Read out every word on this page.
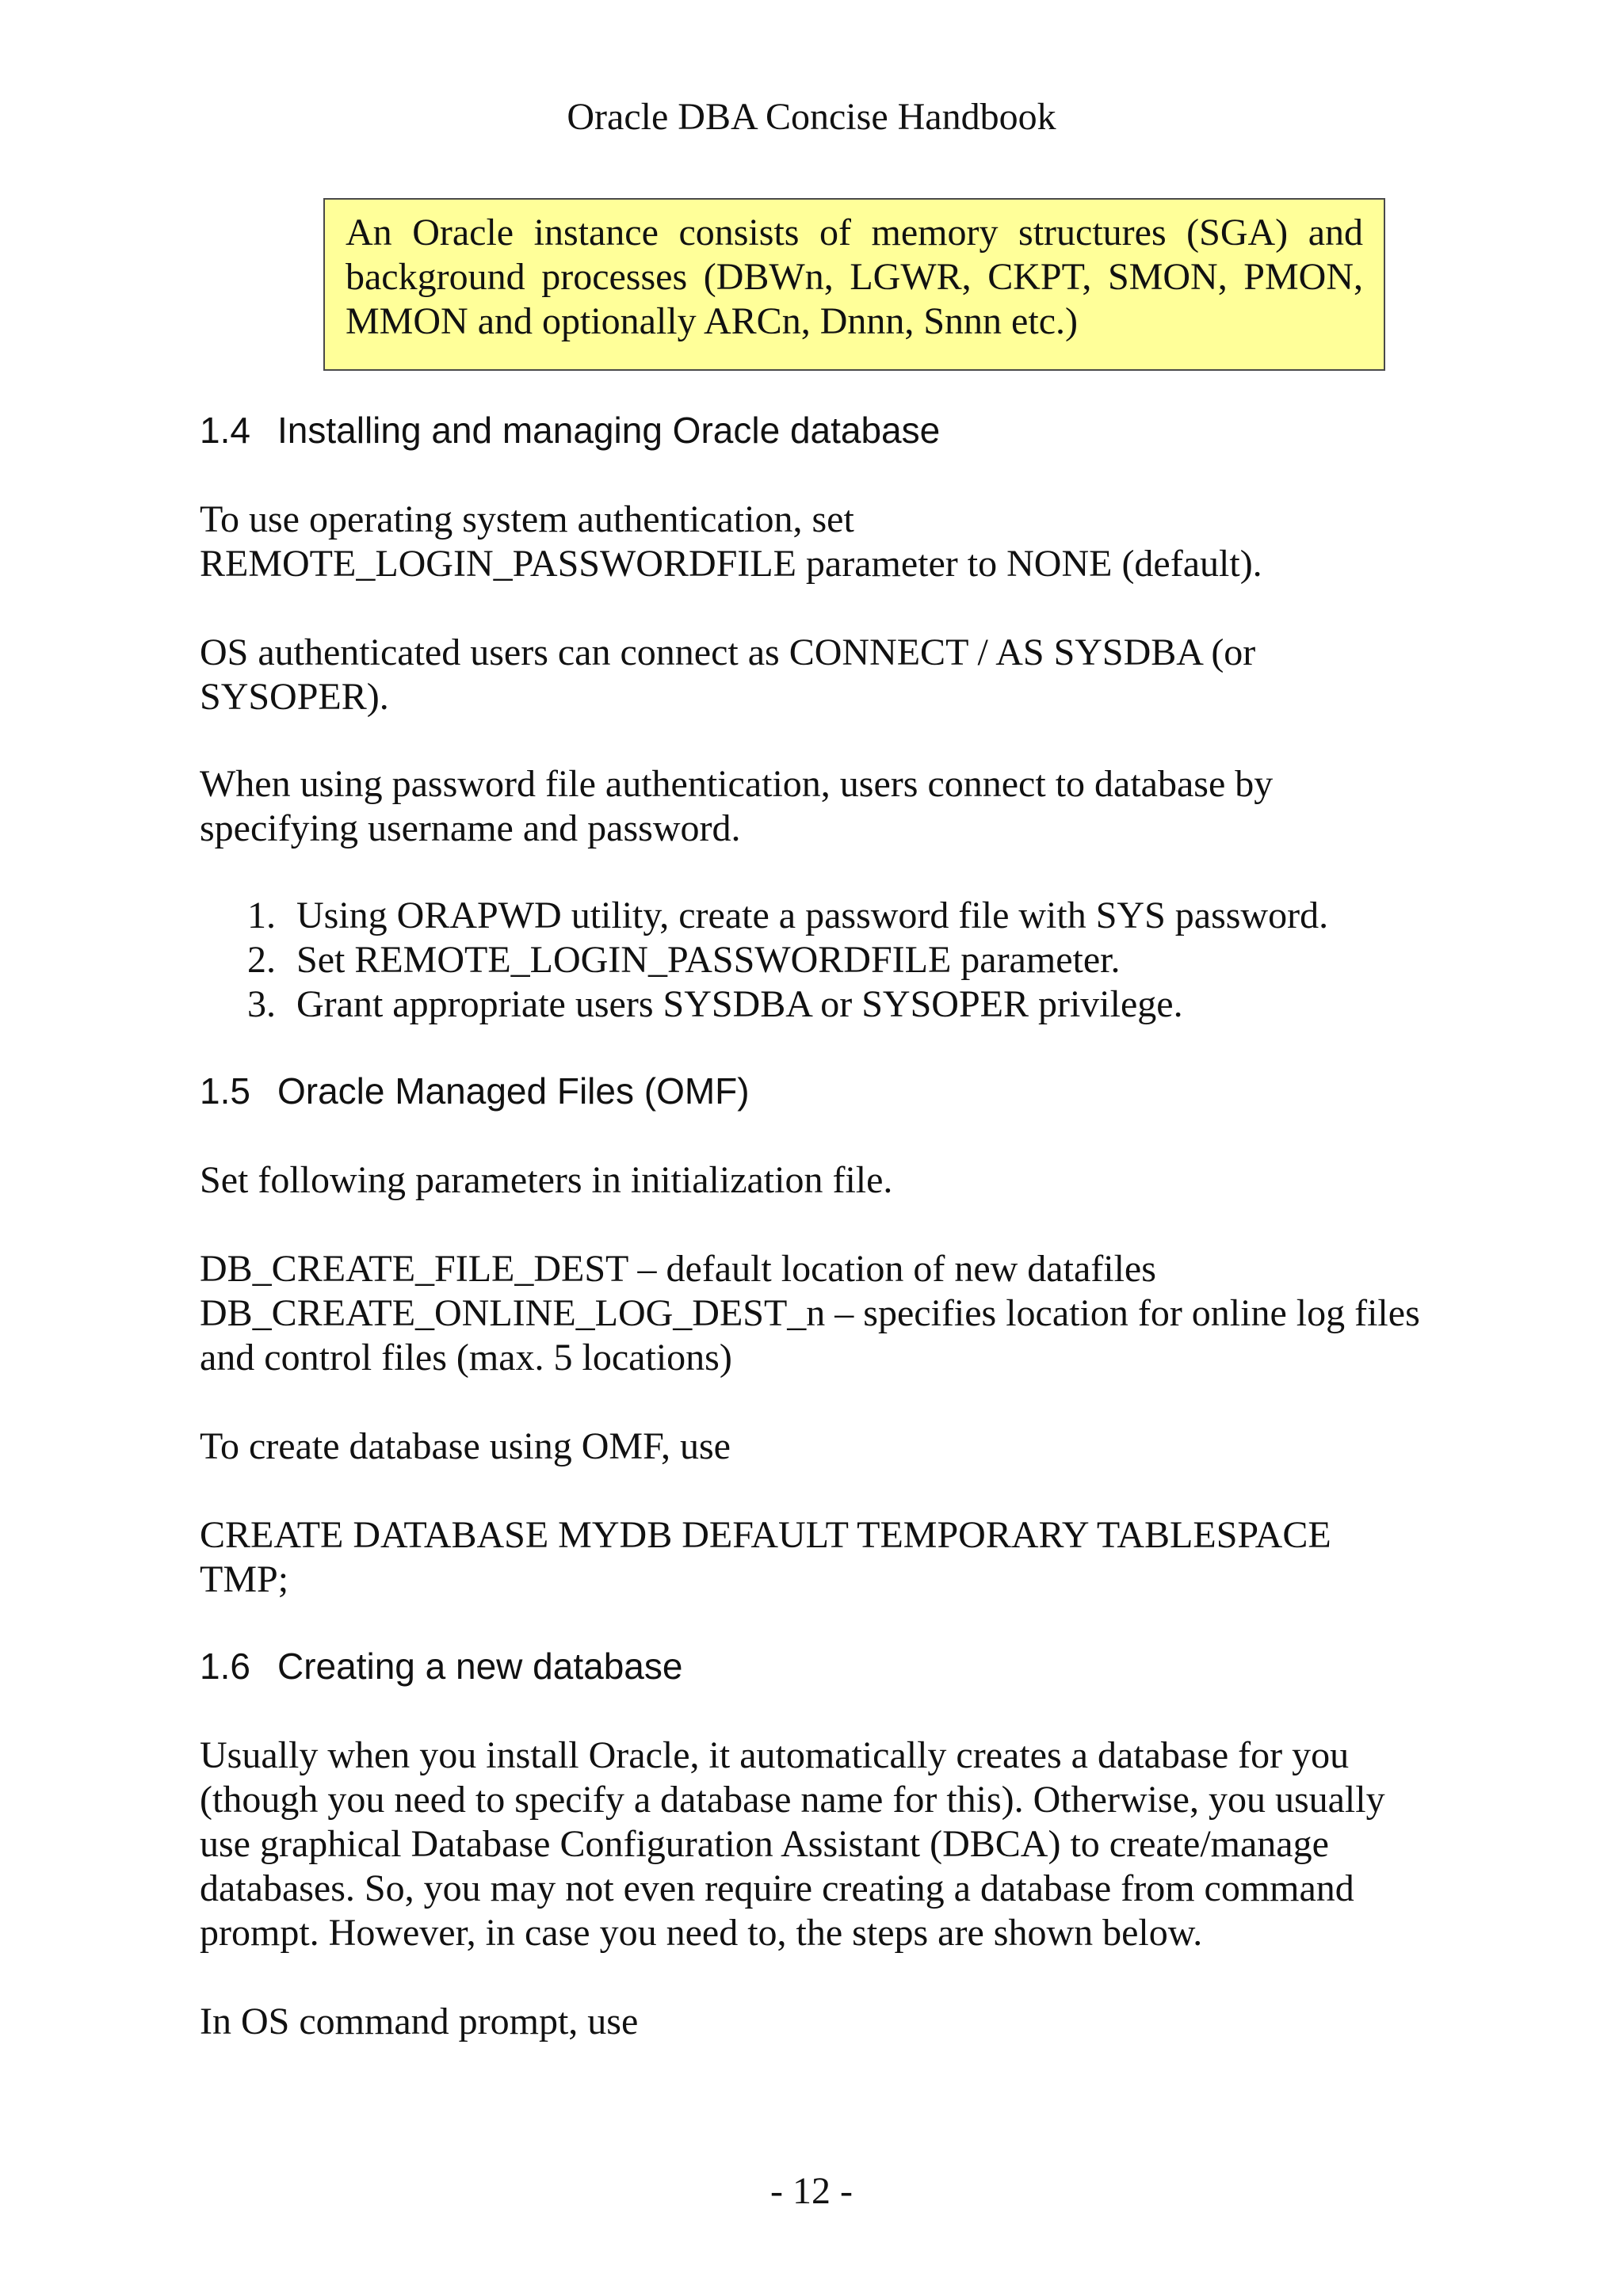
Oracle DBA Concise Handbook
An Oracle instance consists of memory structures (SGA) and background processes (DBWn, LGWR, CKPT, SMON, PMON, MMON and optionally ARCn, Dnnn, Snnn etc.)
1.4 Installing and managing Oracle database

To use operating system authentication, set
REMOTE_LOGIN_PASSWORDFILE parameter to NONE (default).

OS authenticated users can connect as CONNECT / AS SYSDBA (or
SYSOPER).

When using password file authentication, users connect to database by
specifying username and password.

1. Using ORAPWD utility, create a password file with SYS password.
2. Set REMOTE_LOGIN_PASSWORDFILE parameter.
3. Grant appropriate users SYSDBA or SYSOPER privilege.
1.5 Oracle Managed Files (OMF)

Set following parameters in initialization file.

DB_CREATE_FILE_DEST – default location of new datafiles
DB_CREATE_ONLINE_LOG_DEST_n – specifies location for online log files
and control files (max. 5 locations)

To create database using OMF, use

CREATE DATABASE MYDB DEFAULT TEMPORARY TABLESPACE
TMP;

1.6 Creating a new database

Usually when you install Oracle, it automatically creates a database for you
(though you need to specify a database name for this). Otherwise, you usually
use graphical Database Configuration Assistant (DBCA) to create/manage
databases. So, you may not even require creating a database from command
prompt. However, in case you need to, the steps are shown below.

In OS command prompt, use

- 12 -
